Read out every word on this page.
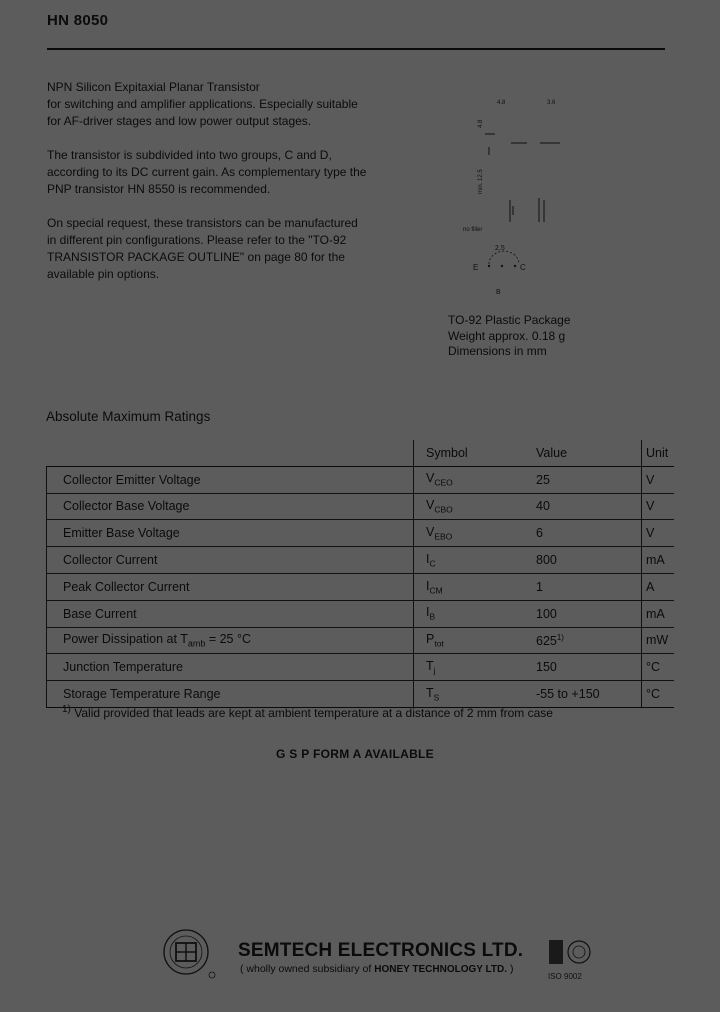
HN 8050

NPN Silicon Expitaxial Planar Transistor
for switching and amplifier applications. Especially suitable
for AF-driver stages and low power output stages.

The transistor is subdivided into two groups, C and D, according to its DC current gain. As complementary type the PNP transistor HN 8550 is recommended.

On special request, these transistors can be manufactured in different pin configurations. Please refer to the "TO-92 TRANSISTOR PACKAGE OUTLINE" on page 80 for the available pin options.

4.8	3.6
4.8
min. 12.5
no filler
2.5
E	C
B
TO-92 Plastic Package
Weight approx. 0.18 g
Dimensions in mm
Absolute Maximum Ratings
	Symbol	Value	Unit
Collector Emitter Voltage	$V_{CEO}$	25	V
Collector Base Voltage	$V_{CBO}$	40	V
Emitter Base Voltage	$V_{EBO}$	6	V
Collector Current	$I_C$	800	mA
Peak Collector Current	$I_{CM}$	1	A
Base Current	$I_B$	100	mA
Power Dissipation at $T_{amb} = 25$ °C	$P_{tot}$	625$^{1)}$	mW
Junction Temperature	$T_j$	150	°C
Storage Temperature Range	$T_S$	-55 to +150	°C
$^{1)}$ Valid provided that leads are kept at ambient temperature at a distance of 2 mm from case
G S P FORM A AVAILABLE
SEMTECH ELECTRONICS LTD.
( wholly owned subsidiary of HONEY TECHNOLOGY LTD. )
ISO 9002
